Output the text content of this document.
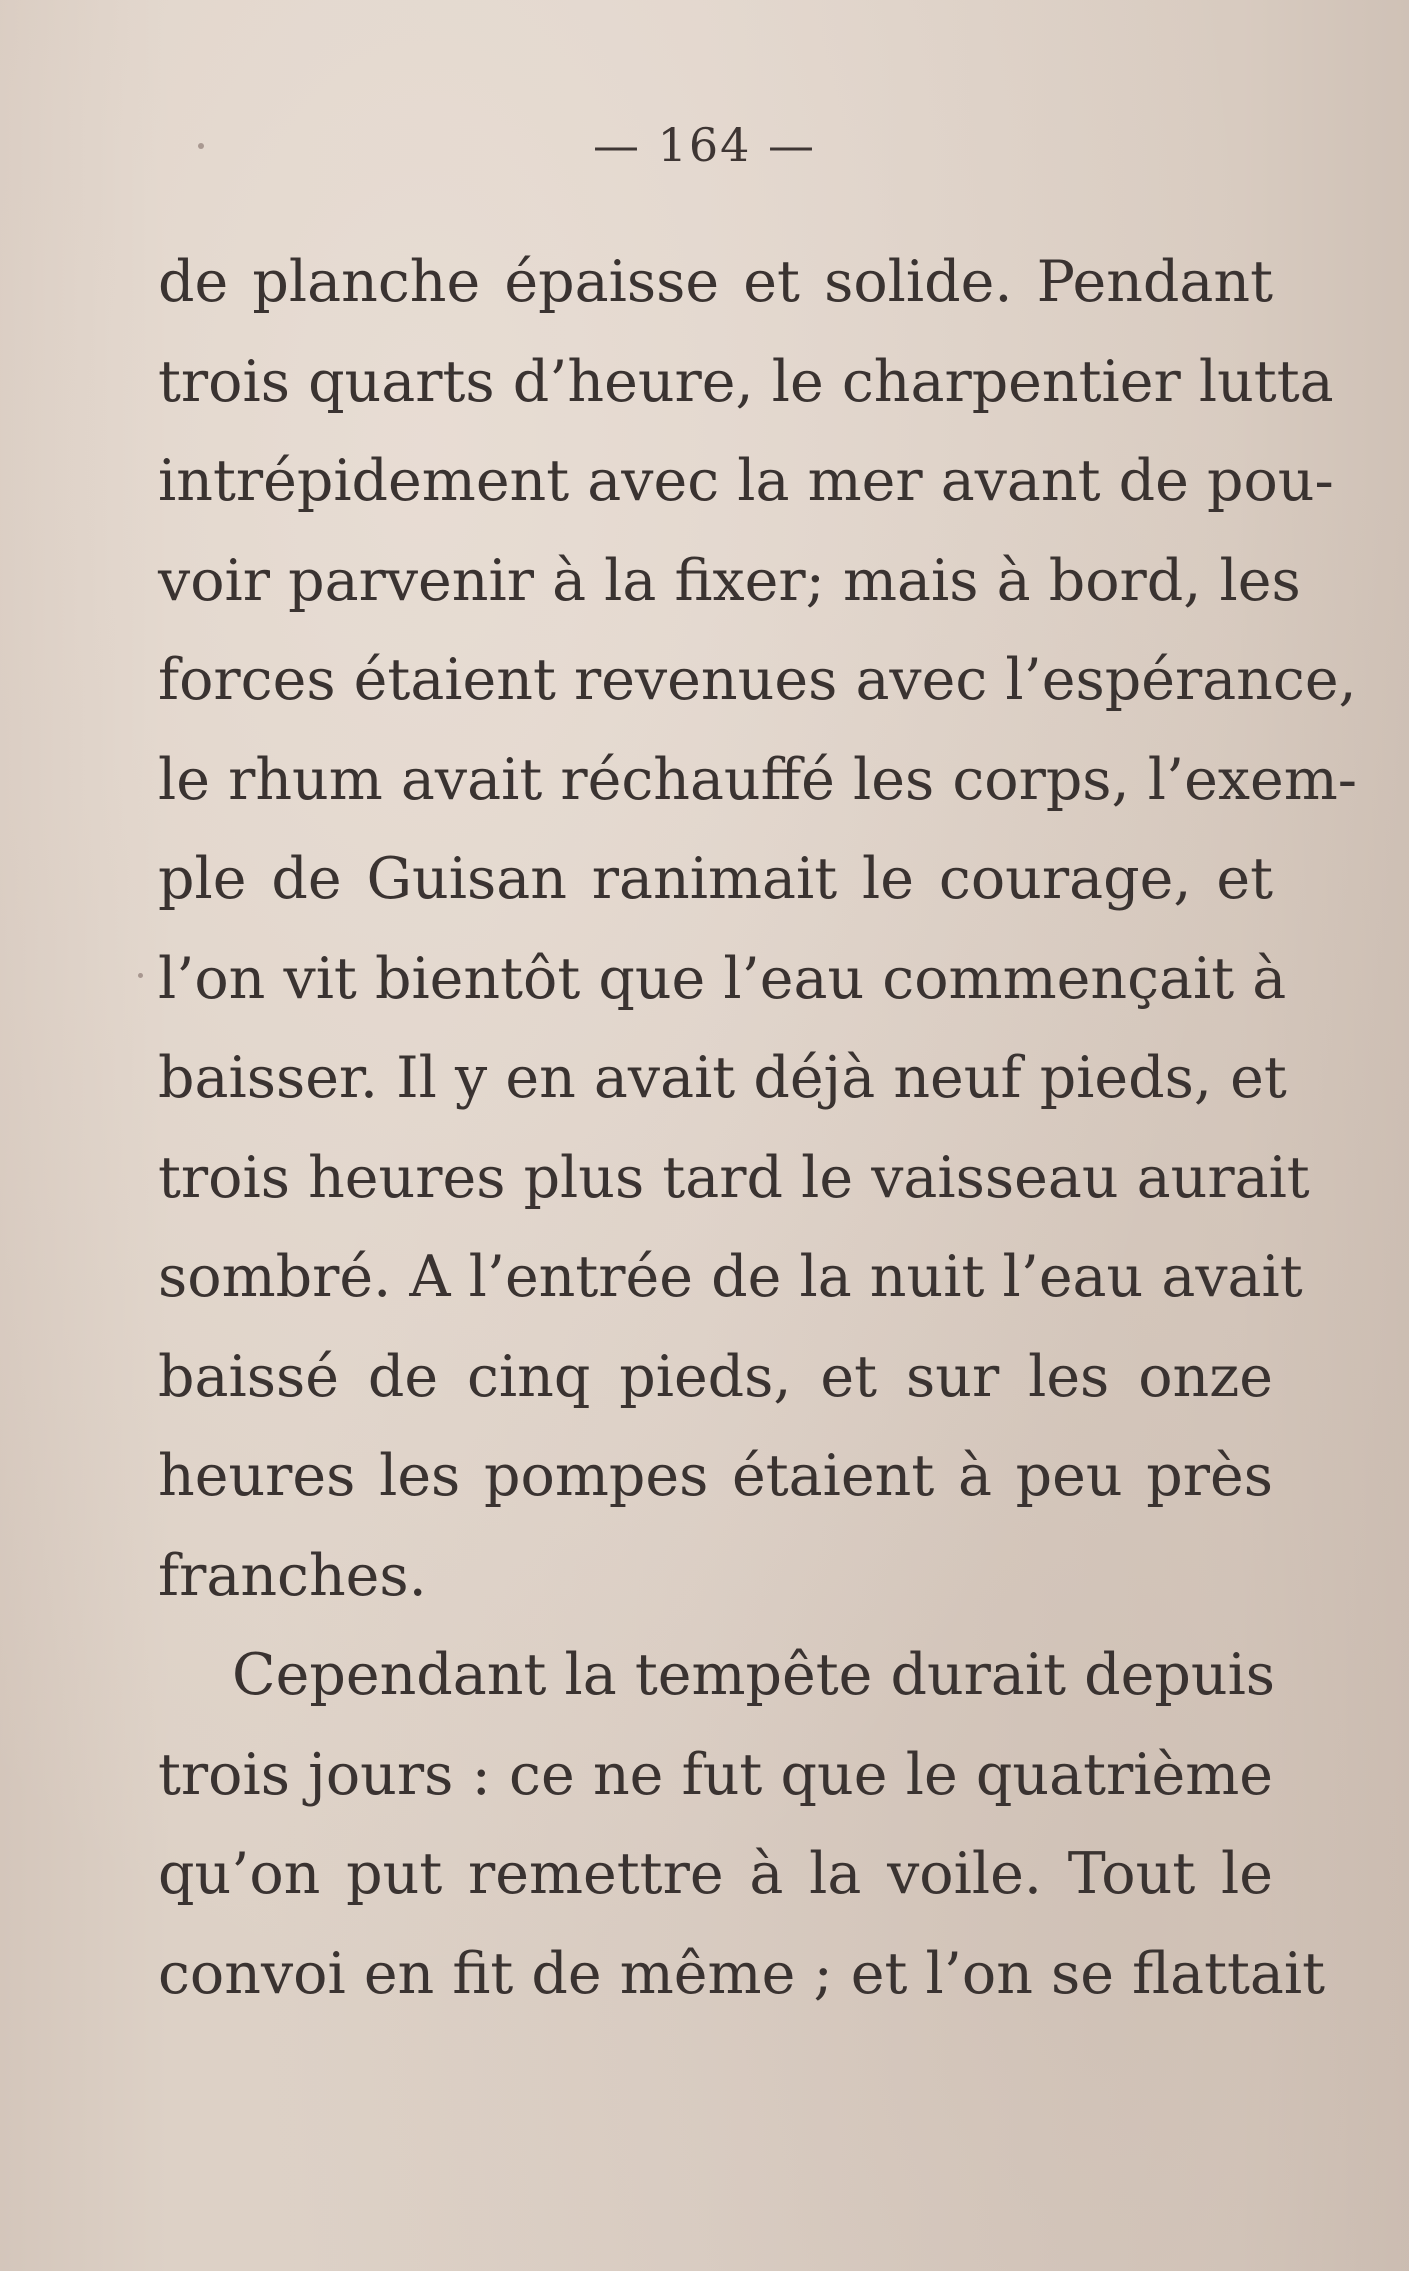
— 164 —
de planche épaisse et solide. Pendant
trois quarts d’heure, le charpentier lutta
intrépidement avec la mer avant de pou-
voir parvenir à la fixer; mais à bord, les
forces étaient revenues avec l’espérance,
le rhum avait réchauffé les corps, l’exem-
ple de Guisan ranimait le courage, et
l’on vit bientôt que l’eau commençait à
baisser. Il y en avait déjà neuf pieds, et
trois heures plus tard le vaisseau aurait
sombré. A l’entrée de la nuit l’eau avait
baissé de cinq pieds, et sur les onze
heures les pompes étaient à peu près
franches.
Cependant la tempête durait depuis
trois jours : ce ne fut que le quatrième
qu’on put remettre à la voile. Tout le
convoi en fit de même ; et l’on se flattait
